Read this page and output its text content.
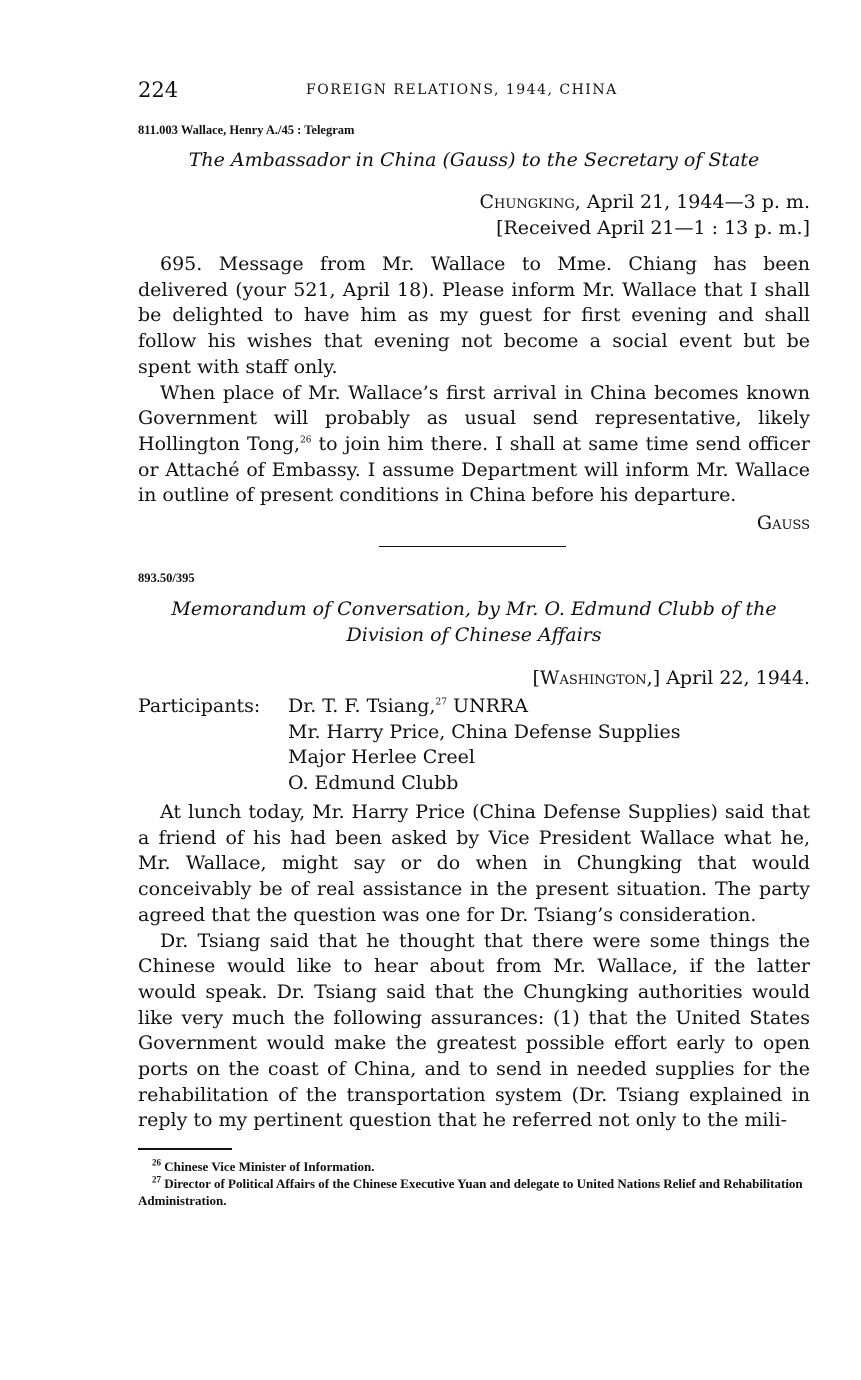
224	FOREIGN RELATIONS, 1944, CHINA
811.003 Wallace, Henry A./45 : Telegram
The Ambassador in China (Gauss) to the Secretary of State
Chungking, April 21, 1944—3 p. m.
[Received April 21—1 : 13 p. m.]

695. Message from Mr. Wallace to Mme. Chiang has been delivered (your 521, April 18). Please inform Mr. Wallace that I shall be delighted to have him as my guest for first evening and shall follow his wishes that evening not become a social event but be spent with staff only.

When place of Mr. Wallace’s first arrival in China becomes known Government will probably as usual send representative, likely Hollington Tong,$^{26}$ to join him there. I shall at same time send officer or Attaché of Embassy. I assume Department will inform Mr. Wallace in outline of present conditions in China before his departure.

Gauss
893.50/395
Memorandum of Conversation, by Mr. O. Edmund Clubb of the
Division of Chinese Affairs
[Washington,] April 22, 1944.
Participants: Dr. T. F. Tsiang,$^{27}$ UNRRA
Mr. Harry Price, China Defense Supplies
Major Herlee Creel
O. Edmund Clubb

At lunch today, Mr. Harry Price (China Defense Supplies) said that a friend of his had been asked by Vice President Wallace what he, Mr. Wallace, might say or do when in Chungking that would conceivably be of real assistance in the present situation. The party agreed that the question was one for Dr. Tsiang’s consideration.

Dr. Tsiang said that he thought that there were some things the Chinese would like to hear about from Mr. Wallace, if the latter would speak. Dr. Tsiang said that the Chungking authorities would like very much the following assurances: (1) that the United States Government would make the greatest possible effort early to open ports on the coast of China, and to send in needed supplies for the rehabilitation of the transportation system (Dr. Tsiang explained in reply to my pertinent question that he referred not only to the mili-

$^{26}$ Chinese Vice Minister of Information.
$^{27}$ Director of Political Affairs of the Chinese Executive Yuan and delegate to United Nations Relief and Rehabilitation Administration.
